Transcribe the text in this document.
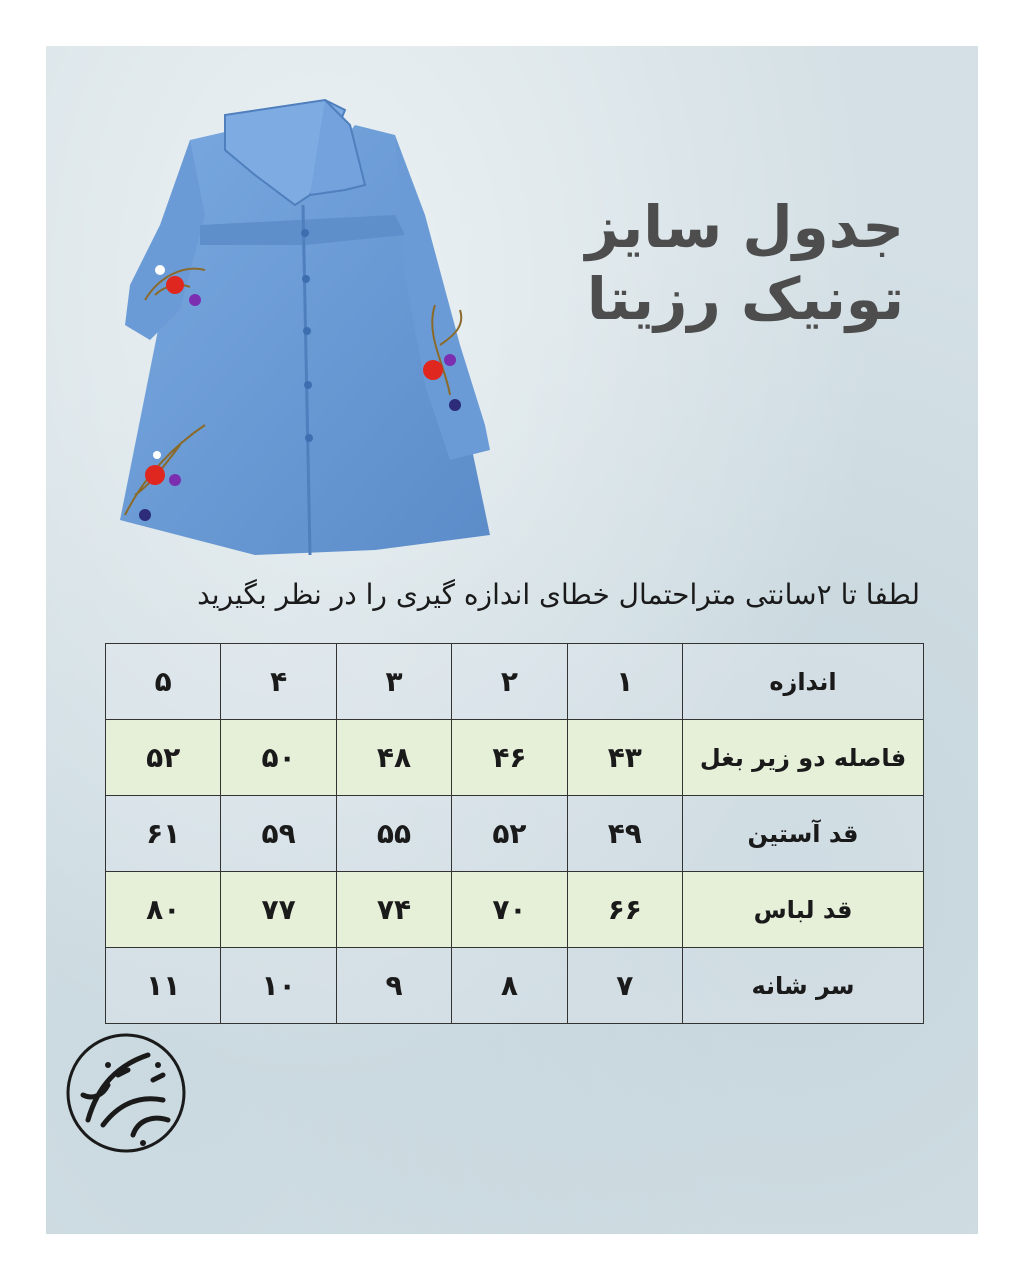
جدول سایز
تونیک رزیتا
لطفا تا ۲سانتی متراحتمال خطای اندازه گیری را در نظر بگیرید
اندازه	۱	۲	۳	۴	۵
فاصله دو زیر بغل	۴۳	۴۶	۴۸	۵۰	۵۲
قد آستین	۴۹	۵۲	۵۵	۵۹	۶۱
قد لباس	۶۶	۷۰	۷۴	۷۷	۸۰
سر شانه	۷	۸	۹	۱۰	۱۱
